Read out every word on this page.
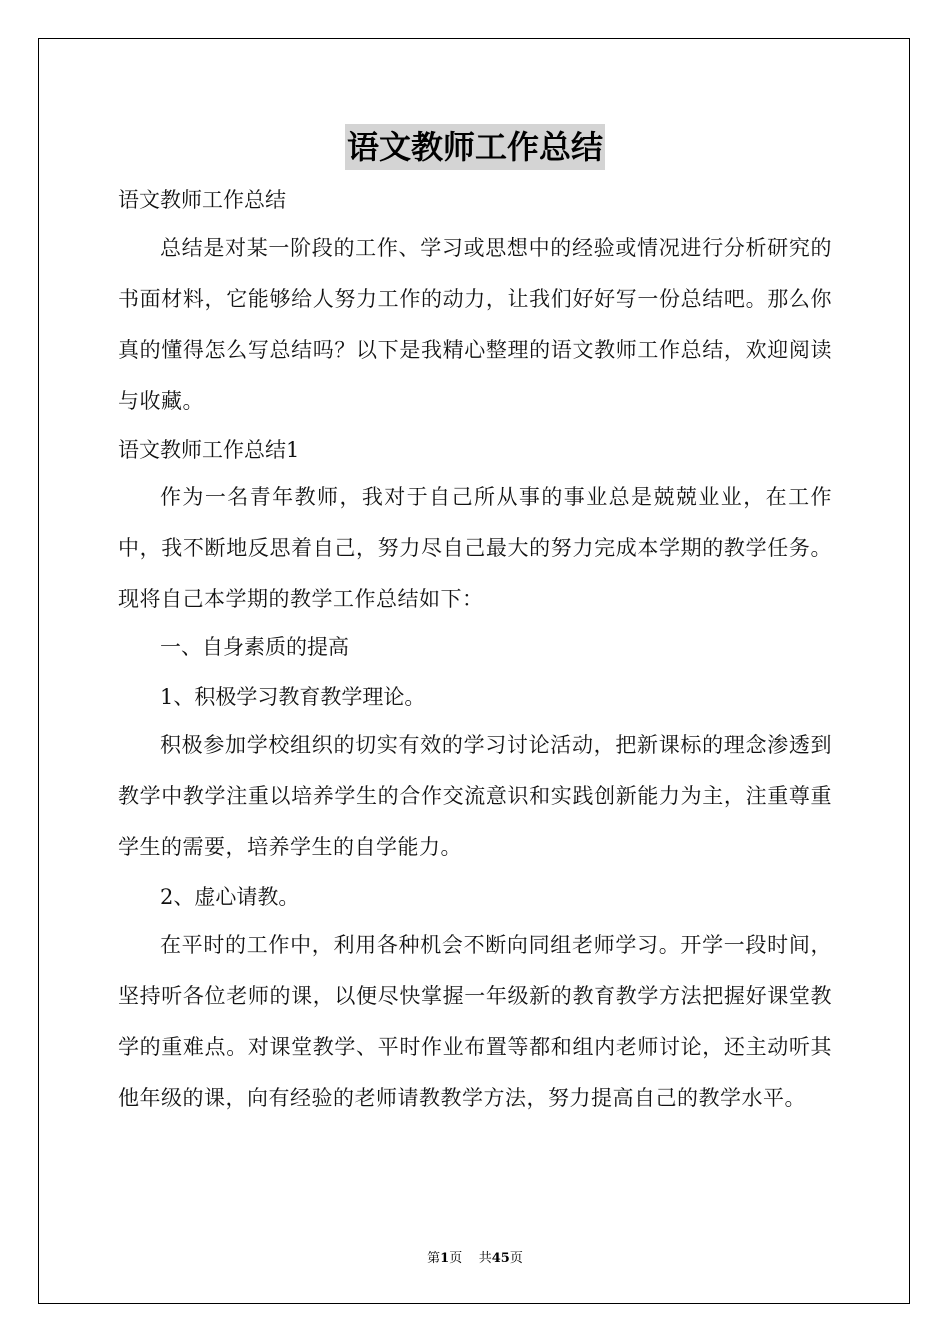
语文教师工作总结
语文教师工作总结

总结是对某一阶段的工作、学习或思想中的经验或情况进行分析研究的书面材料，它能够给人努力工作的动力，让我们好好写一份总结吧。那么你真的懂得怎么写总结吗？以下是我精心整理的语文教师工作总结，欢迎阅读与收藏。

语文教师工作总结1

作为一名青年教师，我对于自己所从事的事业总是兢兢业业，在工作中，我不断地反思着自己，努力尽自己最大的努力完成本学期的教学任务。现将自己本学期的教学工作总结如下：

一、自身素质的提高
1、积极学习教育教学理论。

积极参加学校组织的切实有效的学习讨论活动，把新课标的理念渗透到教学中教学注重以培养学生的合作交流意识和实践创新能力为主，注重尊重学生的需要，培养学生的自学能力。

2、虚心请教。

在平时的工作中，利用各种机会不断向同组老师学习。开学一段时间，坚持听各位老师的课，以便尽快掌握一年级新的教育教学方法把握好课堂教学的重难点。对课堂教学、平时作业布置等都和组内老师讨论，还主动听其他年级的课，向有经验的老师请教教学方法，努力提高自己的教学水平。

第1页 共45页
